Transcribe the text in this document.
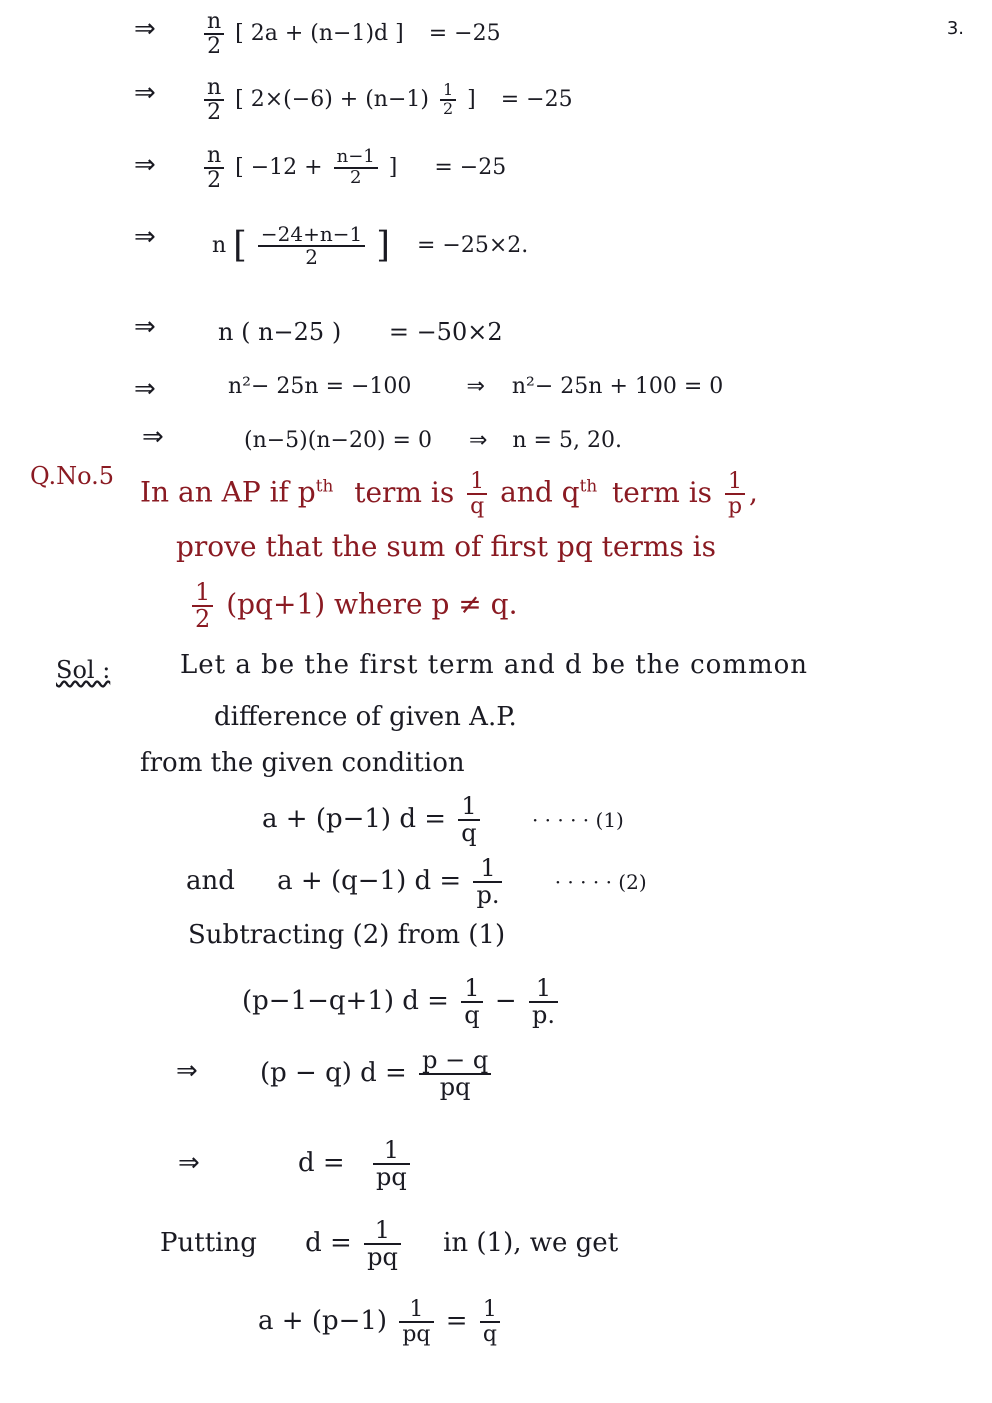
3.
⇒ $\frac{n}{2}$ [ 2a + (n−1)d ] = −25
⇒ $\frac{n}{2}$ [ $2\times(-6) + (n-1) \frac{1}{2}$ ] = −25
⇒ $\frac{n}{2}$ [ $-12 + \frac{n-1}{2}$ ] = −25
⇒	n [ $\frac{-24+n-1}{2}$ ] = −25×2.
⇒	n ( n−25 ) = −50×2
⇒	n²− 25n = −100	⇒ n²− 25n + 100 = 0
⇒	(n−5)(n−20) = 0 ⇒ n = 5, 20.
Q.No.5 In an AP if $p^{th}$ term is $\frac{1}{q}$ and $q^{th}$ term is $\frac{1}{p}$ ,
prove that the sum of first pq terms is
$\frac{1}{2} (pq+1)$ where p ≠ q.
Sol :	Let a be the first term and d be the common
difference of given A.P.
from the given condition
a + (p−1) $d = \frac{1}{q}$	· · · · · (1)
and a + (q−1) $d = \frac{1}{p.}$	· · · · · (2)
Subtracting (2) from (1)
(p−1−q+1) $d = \frac{1}{q} - \frac{1}{p.}$
⇒ (p − q) $d = \frac{p - q}{pq}$
⇒	$d = \frac{1}{pq}$
Putting $d = \frac{1}{pq}$ in (1), we get
$a + (p-1) \frac{1}{pq} = \frac{1}{q}$
